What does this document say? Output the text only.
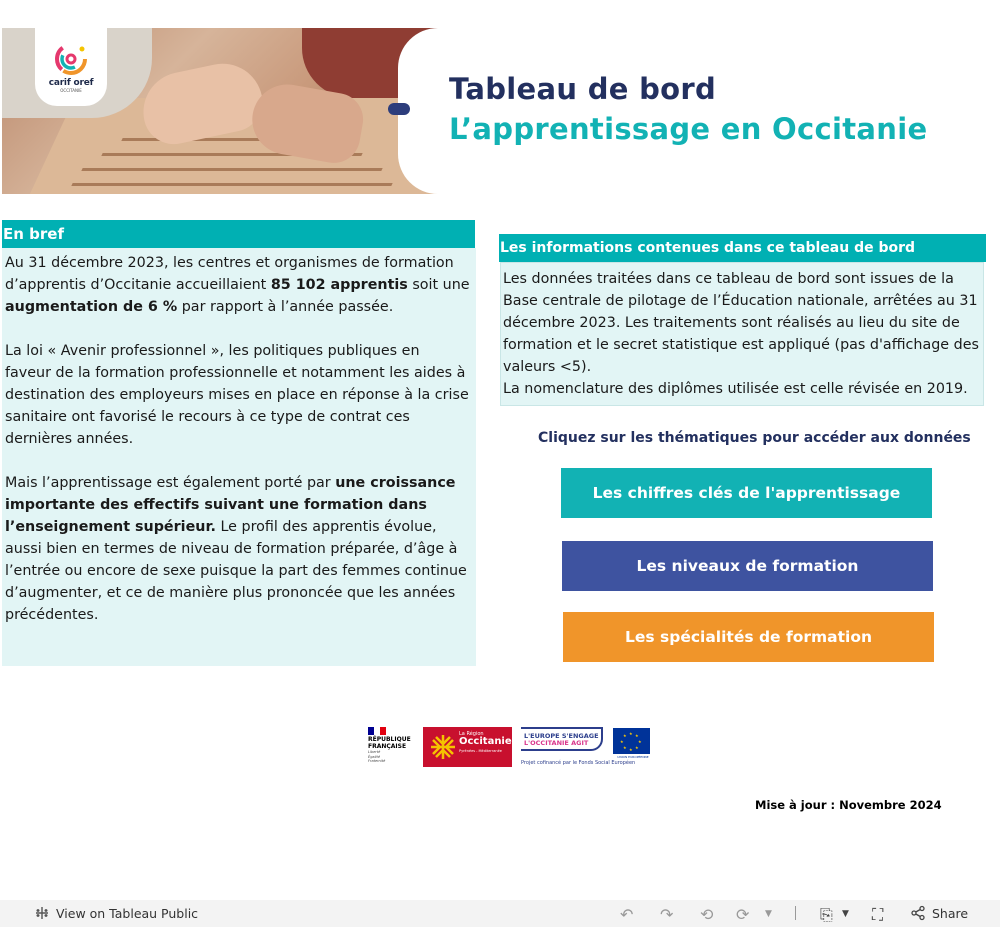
carif oref
OCCITANIE	Tableau de bord
L’apprentissage en Occitanie
En bref

Au 31 décembre 2023, les centres et organismes de formation d’apprentis d’Occitanie accueillaient 85 102 apprentis soit une augmentation de 6 % par rapport à l’année passée.

La loi « Avenir professionnel », les politiques publiques en faveur de la formation professionnelle et notamment les aides à destination des employeurs mises en place en réponse à la crise sanitaire ont favorisé le recours à ce type de contrat ces dernières années.

Mais l’apprentissage est également porté par une croissance importante des effectifs suivant une formation dans l’enseignement supérieur. Le profil des apprentis évolue, aussi bien en termes de niveau de formation préparée, d’âge à l’entrée ou encore de sexe puisque la part des femmes continue d’augmenter, et ce de manière plus prononcée que les années précédentes.

Les informations contenues dans ce tableau de bord
Les données traitées dans ce tableau de bord sont issues de la Base centrale de pilotage de l’Éducation nationale, arrêtées au 31 décembre 2023. Les traitements sont réalisés au lieu du site de formation et le secret statistique est appliqué (pas d'affichage des valeurs <5).
La nomenclature des diplômes utilisée est celle révisée en 2019.
Cliquez sur les thématiques pour accéder aux données
Les chiffres clés de l'apprentissage
Les niveaux de formation
Les spécialités de formation
RÉPUBLIQUE
FRANÇAISE
Liberté
Égalité
Fraternité
La Région
Occitanie
Pyrénées - Méditerranée
L'EUROPE S'ENGAGE
L'OCCITANIE AGIT
★ ★
★
★
★
★
★
★
UNION EUROPÉENNE
Projet cofinancé par le Fonds Social Européen
Mise à jour : Novembre 2024
View on Tableau Public	↶ ↷ ⟲ ⟳ ▼	⎘ ▼ ⛶	Share
